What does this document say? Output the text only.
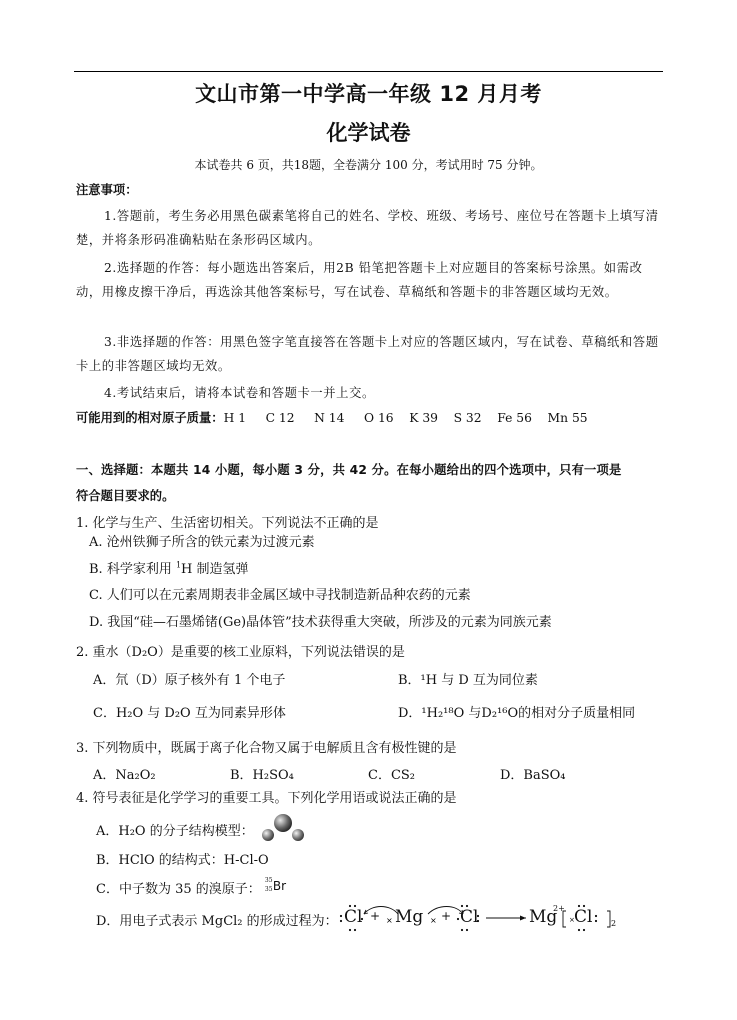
文山市第一中学高一年级 12 月月考
化学试卷
本试卷共 6 页，共18题，全卷满分 100 分，考试用时 75 分钟。
注意事项：
1.答题前，考生务必用黑色碳素笔将自己的姓名、学校、班级、考场号、座位号在答题卡上填写清楚，并将条形码准确粘贴在条形码区域内。
2.选择题的作答：每小题选出答案后，用2B 铅笔把答题卡上对应题目的答案标号涂黑。如需改动，用橡皮擦干净后，再选涂其他答案标号，写在试卷、草稿纸和答题卡的非答题区域均无效。
3.非选择题的作答：用黑色签字笔直接答在答题卡上对应的答题区域内，写在试卷、草稿纸和答题卡上的非答题区域均无效。
4.考试结束后，请将本试卷和答题卡一并上交。
可能用到的相对原子质量：H 1     C 12     N 14     O 16    K 39    S 32    Fe 56    Mn 55
一、选择题：本题共 14 小题，每小题 3 分，共 42 分。在每小题给出的四个选项中，只有一项是
符合题目要求的。
1. 化学与生产、生活密切相关。下列说法不正确的是
A. 沧州铁狮子所含的铁元素为过渡元素
B. 科学家利用 $^1$H 制造氢弹
C. 人们可以在元素周期表非金属区域中寻找制造新品种农药的元素
D. 我国“硅—石墨烯锗(Ge)晶体管”技术获得重大突破，所涉及的元素为同族元素
2. 重水（D₂O）是重要的核工业原料，下列说法错误的是
A．氘（D）原子核外有 1 个电子	B．¹H 与 D 互为同位素
C．H₂O 与 D₂O 互为同素异形体	D．¹H₂¹⁸O 与D₂¹⁶O的相对分子质量相同
3. 下列物质中，既属于离子化合物又属于电解质且含有极性键的是
A．Na₂O₂	B．H₂SO₄	C．CS₂	D．BaSO₄
4. 符号表征是化学学习的重要工具。下列化学用语或说法正确的是
A．H₂O 的分子结构模型：
B．HClO 的结构式：H-Cl-O
C．中子数为 35 的溴原子：
35
35 Br
D．用电子式表示 MgCl₂ 的形成过程为：	×	×	×
Cl + Mg + Cl	Mg
2+ Cl 2
